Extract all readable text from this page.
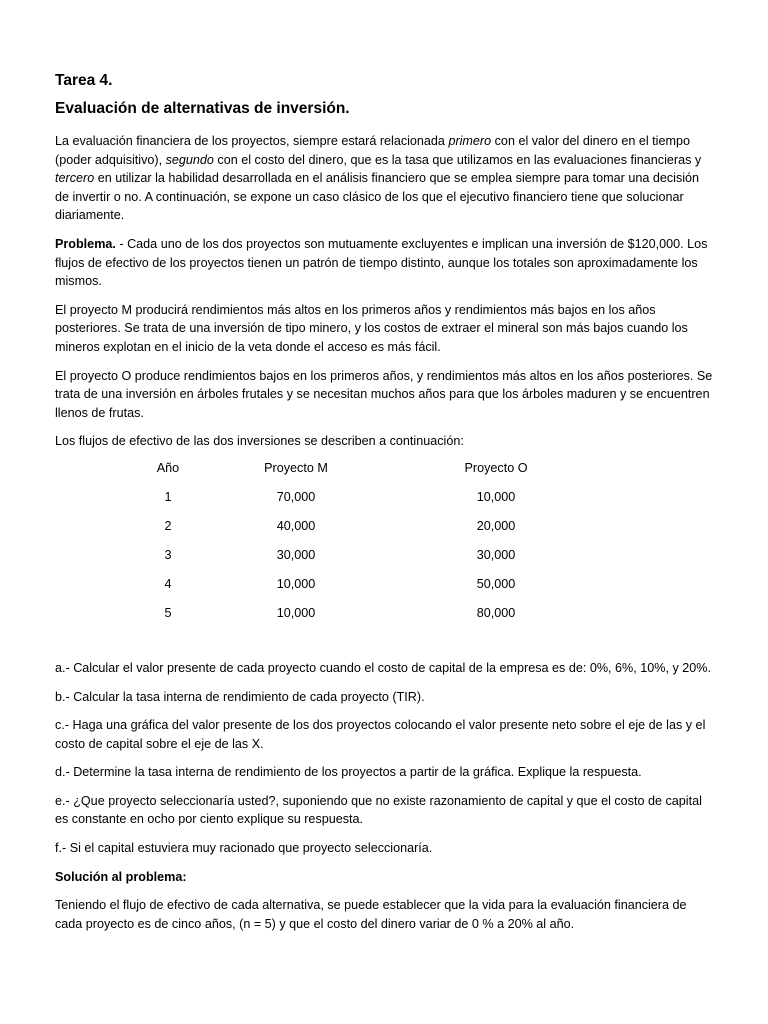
Tarea 4.
Evaluación de alternativas de inversión.

La evaluación financiera de los proyectos, siempre estará relacionada primero con el valor del dinero en el tiempo (poder adquisitivo), segundo con el costo del dinero, que es la tasa que utilizamos en las evaluaciones financieras y tercero en utilizar la habilidad desarrollada en el análisis financiero que se emplea siempre para tomar una decisión de invertir o no. A continuación, se expone un caso clásico de los que el ejecutivo financiero tiene que solucionar diariamente.

Problema. - Cada uno de los dos proyectos son mutuamente excluyentes e implican una inversión de $120,000. Los flujos de efectivo de los proyectos tienen un patrón de tiempo distinto, aunque los totales son aproximadamente los mismos.

El proyecto M producirá rendimientos más altos en los primeros años y rendimientos más bajos en los años posteriores. Se trata de una inversión de tipo minero, y los costos de extraer el mineral son más bajos cuando los mineros explotan en el inicio de la veta donde el acceso es más fácil.

El proyecto O produce rendimientos bajos en los primeros años, y rendimientos más altos en los años posteriores. Se trata de una inversión en árboles frutales y se necesitan muchos años para que los árboles maduren y se encuentren llenos de frutas.

Los flujos de efectivo de las dos inversiones se describen a continuación:

Año	Proyecto M	Proyecto O
1	70,000	10,000
2	40,000	20,000
3	30,000	30,000
4	10,000	50,000
5	10,000	80,000

a.- Calcular el valor presente de cada proyecto cuando el costo de capital de la empresa es de: 0%, 6%, 10%, y 20%.

b.- Calcular la tasa interna de rendimiento de cada proyecto (TIR).

c.- Haga una gráfica del valor presente de los dos proyectos colocando el valor presente neto sobre el eje de las y el costo de capital sobre el eje de las X.

d.- Determine la tasa interna de rendimiento de los proyectos a partir de la gráfica. Explique la respuesta.

e.- ¿Que proyecto seleccionaría usted?, suponiendo que no existe razonamiento de capital y que el costo de capital es constante en ocho por ciento explique su respuesta.

f.- Si el capital estuviera muy racionado que proyecto seleccionaría.

Solución al problema:

Teniendo el flujo de efectivo de cada alternativa, se puede establecer que la vida para la evaluación financiera de cada proyecto es de cinco años, (n = 5) y que el costo del dinero variar de 0 % a 20% al año.
